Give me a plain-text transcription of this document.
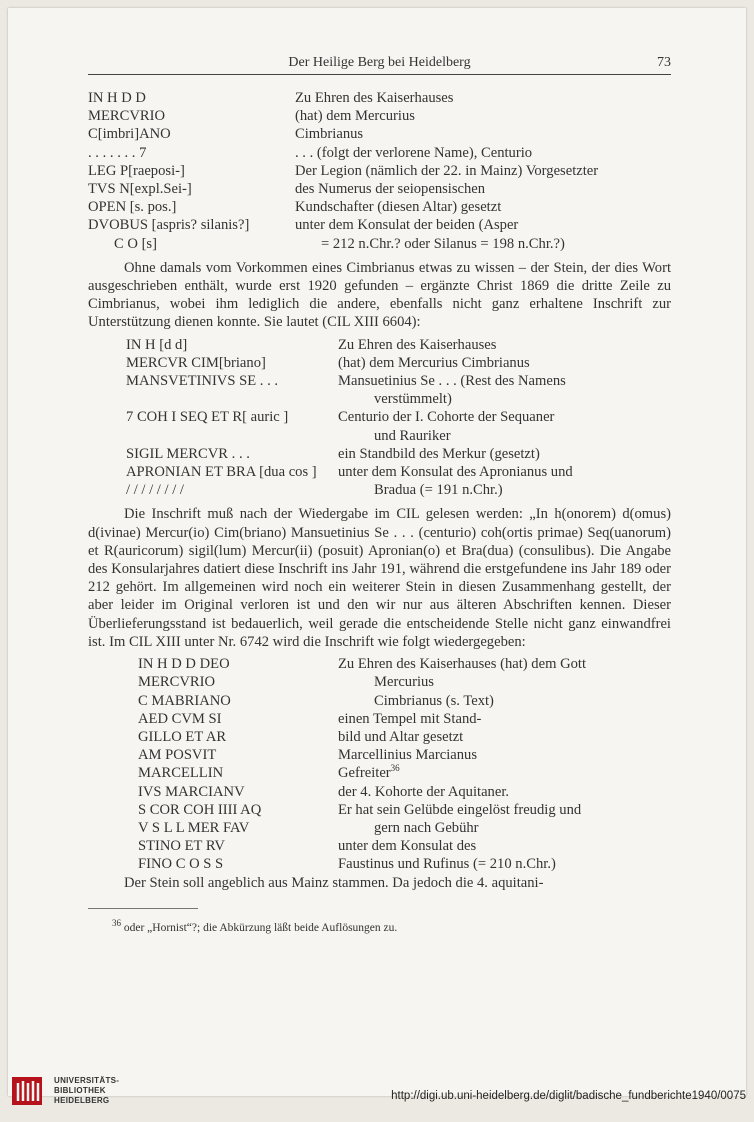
Der Heilige Berg bei Heidelberg	73
IN H D D	Zu Ehren des Kaiserhauses
MERCVRIO	(hat) dem Mercurius
C[imbri]ANO	Cimbrianus
. . . . . . . 7	. . . (folgt der verlorene Name), Centurio
LEG P[raeposi-]	Der Legion (nämlich der 22. in Mainz) Vorgesetzter
TVS N[expl.Sei-]	des Numerus der seiopensischen
OPEN [s. pos.]	Kundschafter (diesen Altar) gesetzt
DVOBUS [aspris? silanis?]	unter dem Konsulat der beiden (Asper
C O [s]	= 212 n.Chr.? oder Silanus = 198 n.Chr.?)

Ohne damals vom Vorkommen eines Cimbrianus etwas zu wissen – der Stein, der dies Wort ausgeschrieben enthält, wurde erst 1920 gefunden – ergänzte Christ 1869 die dritte Zeile zu Cimbrianus, wobei ihm lediglich die andere, ebenfalls nicht ganz erhaltene Inschrift zur Unterstützung dienen konnte. Sie lautet (CIL XIII 6604):

IN H [d d]	Zu Ehren des Kaiserhauses
MERCVR CIM[briano]	(hat) dem Mercurius Cimbrianus
MANSVETINIVS SE . . .	Mansuetinius Se . . . (Rest des Namens
verstümmelt)
7 COH I SEQ ET R[ auric ]	Centurio der I. Cohorte der Sequaner
und Rauriker
SIGIL MERCVR . . .	ein Standbild des Merkur (gesetzt)
APRONIAN ET BRA [dua cos ]	unter dem Konsulat des Apronianus und
/ / / / / / / /	Bradua (= 191 n.Chr.)

Die Inschrift muß nach der Wiedergabe im CIL gelesen werden: „In h(onorem) d(omus) d(ivinae) Mercur(io) Cim(briano) Mansuetinius Se . . . (centurio) coh(ortis primae) Seq(uanorum) et R(auricorum) sigil(lum) Mercur(ii) (posuit) Apronian(o) et Bra(dua) (consulibus). Die Angabe des Konsularjahres datiert diese Inschrift ins Jahr 191, während die erstgefundene ins Jahr 189 oder 212 gehört. Im allgemeinen wird noch ein weiterer Stein in diesen Zusammenhang gestellt, der aber leider im Original verloren ist und den wir nur aus älteren Abschriften kennen. Dieser Überlieferungsstand ist bedauerlich, weil gerade die entscheidende Stelle nicht ganz einwandfrei ist. Im CIL XIII unter Nr. 6742 wird die Inschrift wie folgt wiedergegeben:

IN H D D DEO	Zu Ehren des Kaiserhauses (hat) dem Gott
MERCVRIO	Mercurius
C MABRIANO	Cimbrianus (s. Text)
AED CVM SI	einen Tempel mit Stand-
GILLO ET AR	bild und Altar gesetzt
AM POSVIT	Marcellinius Marcianus
MARCELLIN	Gefreiter$^{36}$
IVS MARCIANV	der 4. Kohorte der Aquitaner.
S COR COH IIII AQ	Er hat sein Gelübde eingelöst freudig und
V S L L MER FAV	gern nach Gebühr
STINO ET RV	unter dem Konsulat des
FINO C O S S	Faustinus und Rufinus (= 210 n.Chr.)

Der Stein soll angeblich aus Mainz stammen. Da jedoch die 4. aquitani-

$^{36}$ oder „Hornist“?; die Abkürzung läßt beide Auflösungen zu.
UNIVERSITÄTS-
BIBLIOTHEK
HEIDELBERG	http://digi.ub.uni-heidelberg.de/diglit/badische_fundberichte1940/0075
